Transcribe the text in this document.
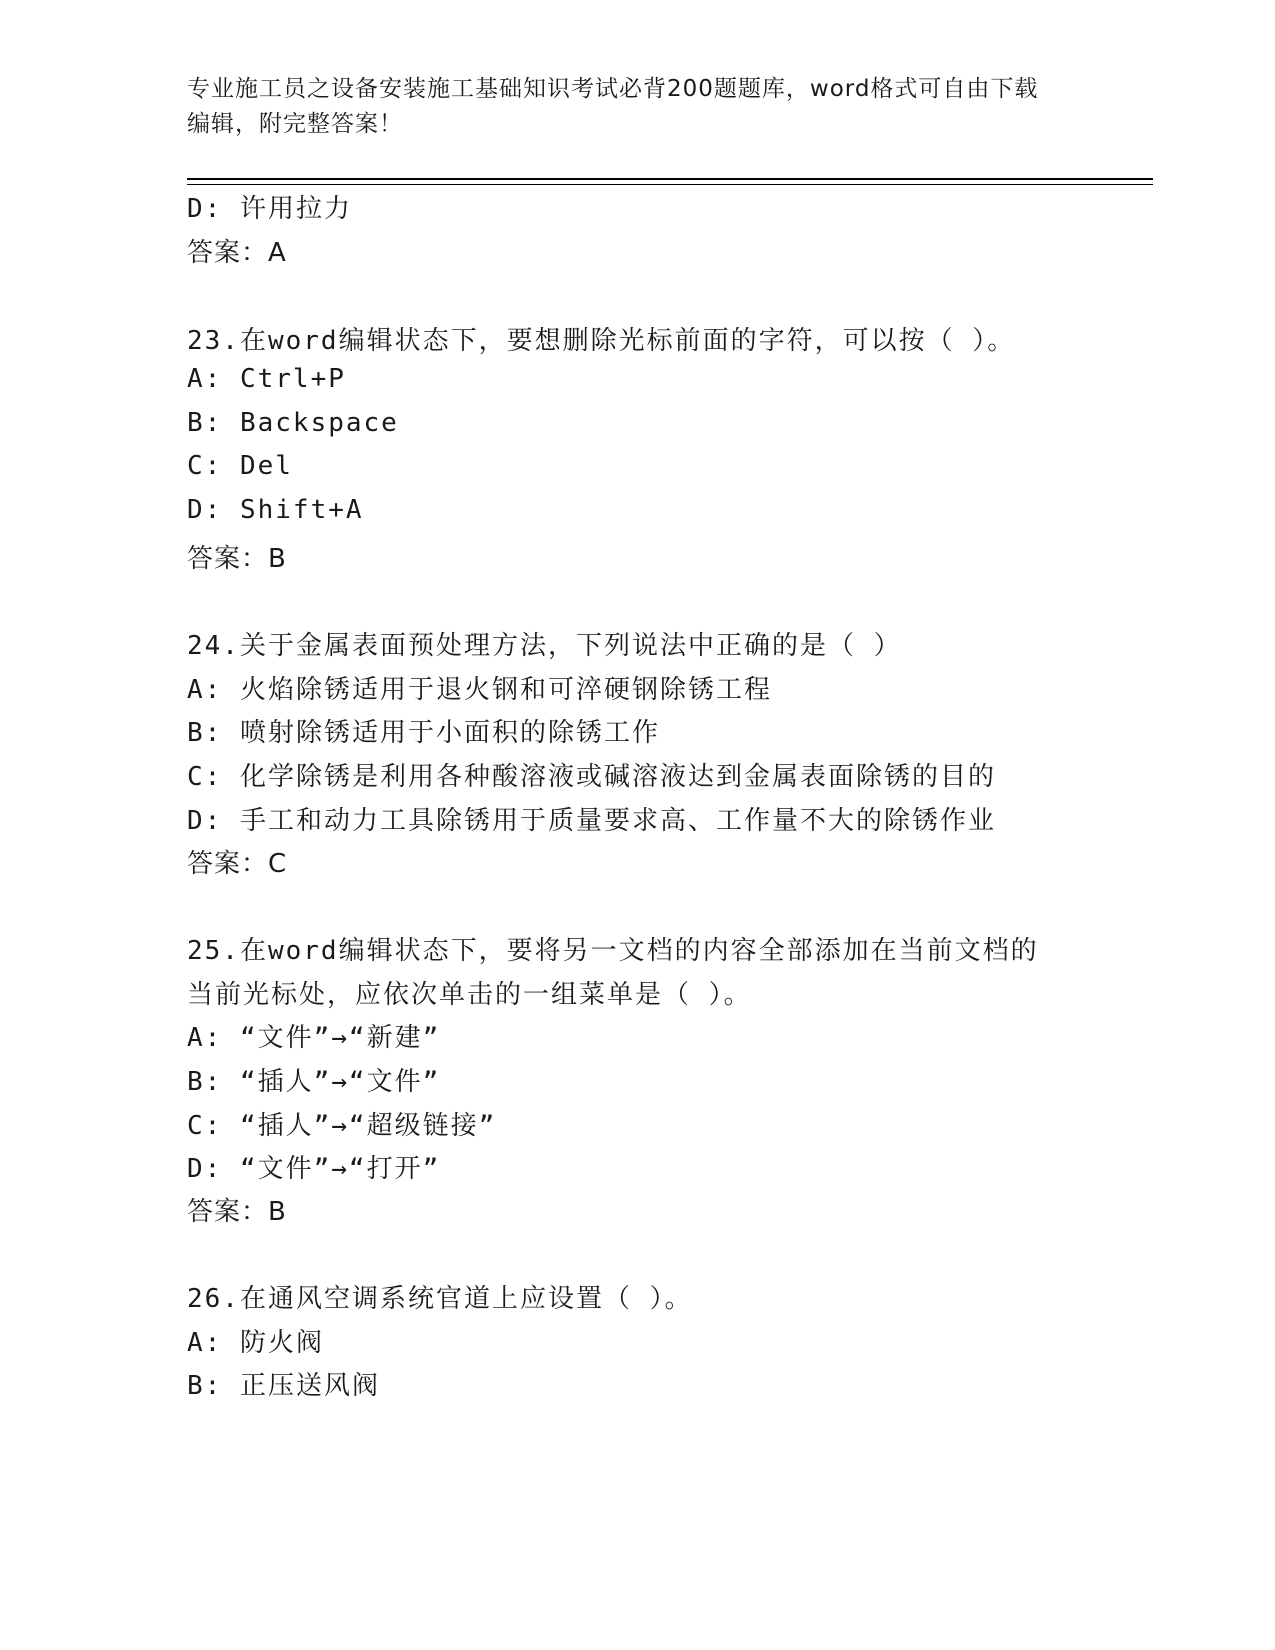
专业施工员之设备安装施工基础知识考试必背200题题库，word格式可自由下载
编辑，附完整答案！
D: 许用拉力
答案：A
23.在word编辑状态下，要想删除光标前面的字符，可以按（ ）。
A: Ctrl+P
B: Backspace
C: Del
D: Shift+A
答案：B
24.关于金属表面预处理方法，下列说法中正确的是（ ）
A: 火焰除锈适用于退火钢和可淬硬钢除锈工程
B: 喷射除锈适用于小面积的除锈工作
C: 化学除锈是利用各种酸溶液或碱溶液达到金属表面除锈的目的
D: 手工和动力工具除锈用于质量要求高、工作量不大的除锈作业
答案：C
25.在word编辑状态下，要将另一文档的内容全部添加在当前文档的
当前光标处，应依次单击的一组菜单是（ ）。
A: “文件”→“新建”
B: “插人”→“文件”
C: “插人”→“超级链接”
D: “文件”→“打开”
答案：B
26.在通风空调系统官道上应设置（ ）。
A: 防火阀
B: 正压送风阀
